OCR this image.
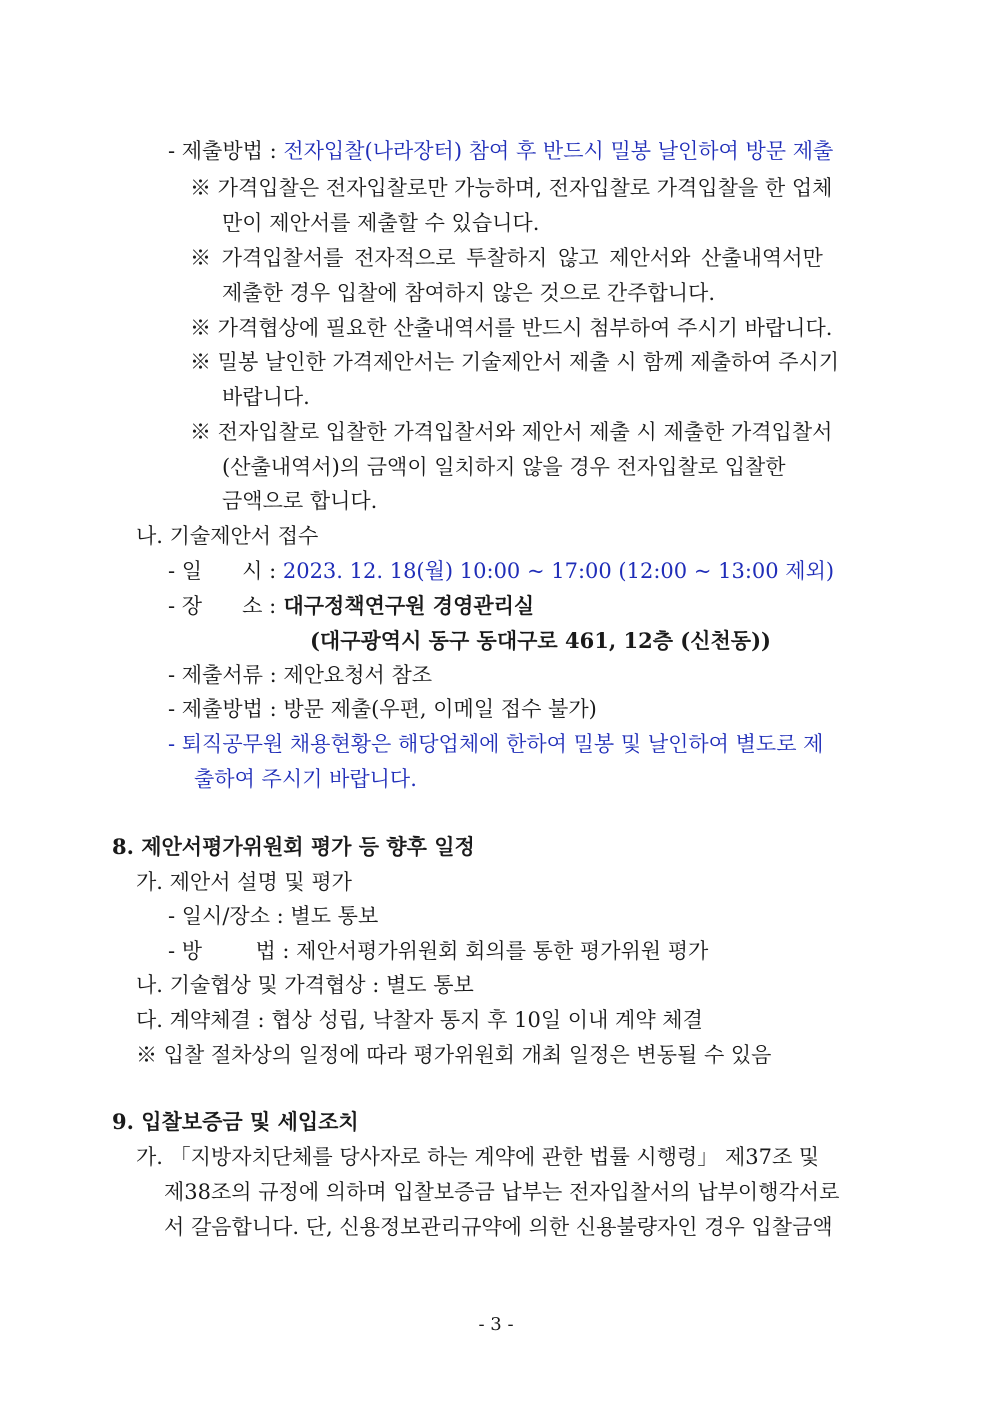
- 제출방법 : 전자입찰(나라장터) 참여 후 반드시 밀봉 날인하여 방문 제출
※ 가격입찰은 전자입찰로만 가능하며, 전자입찰로 가격입찰을 한 업체
만이 제안서를 제출할 수 있습니다.
※ 가격입찰서를 전자적으로 투찰하지 않고 제안서와 산출내역서만
제출한 경우 입찰에 참여하지 않은 것으로 간주합니다.
※ 가격협상에 필요한 산출내역서를 반드시 첨부하여 주시기 바랍니다.
※ 밀봉 날인한 가격제안서는 기술제안서 제출 시 함께 제출하여 주시기
바랍니다.
※ 전자입찰로 입찰한 가격입찰서와 제안서 제출 시 제출한 가격입찰서
(산출내역서)의 금액이 일치하지 않을 경우 전자입찰로 입찰한
금액으로 합니다.
나. 기술제안서 접수
- 일      시 : 2023. 12. 18(월) 10:00 ~ 17:00 (12:00 ~ 13:00 제외)
- 장      소 : 대구정책연구원 경영관리실
(대구광역시 동구 동대구로 461, 12층 (신천동))
- 제출서류 : 제안요청서 참조
- 제출방법 : 방문 제출(우편, 이메일 접수 불가)
- 퇴직공무원 채용현황은 해당업체에 한하여 밀봉 및 날인하여 별도로 제
출하여 주시기 바랍니다.
8. 제안서평가위원회 평가 등 향후 일정
가. 제안서 설명 및 평가
- 일시/장소 : 별도 통보
- 방        법 : 제안서평가위원회 회의를 통한 평가위원 평가
나. 기술협상 및 가격협상 : 별도 통보
다. 계약체결 : 협상 성립, 낙찰자 통지 후 10일 이내 계약 체결
※ 입찰 절차상의 일정에 따라 평가위원회 개최 일정은 변동될 수 있음
9. 입찰보증금 및 세입조치
가. 「지방자치단체를 당사자로 하는 계약에 관한 법률 시행령」 제37조 및
제38조의 규정에 의하며 입찰보증금 납부는 전자입찰서의 납부이행각서로
서 갈음합니다. 단, 신용정보관리규약에 의한 신용불량자인 경우 입찰금액
- 3 -
